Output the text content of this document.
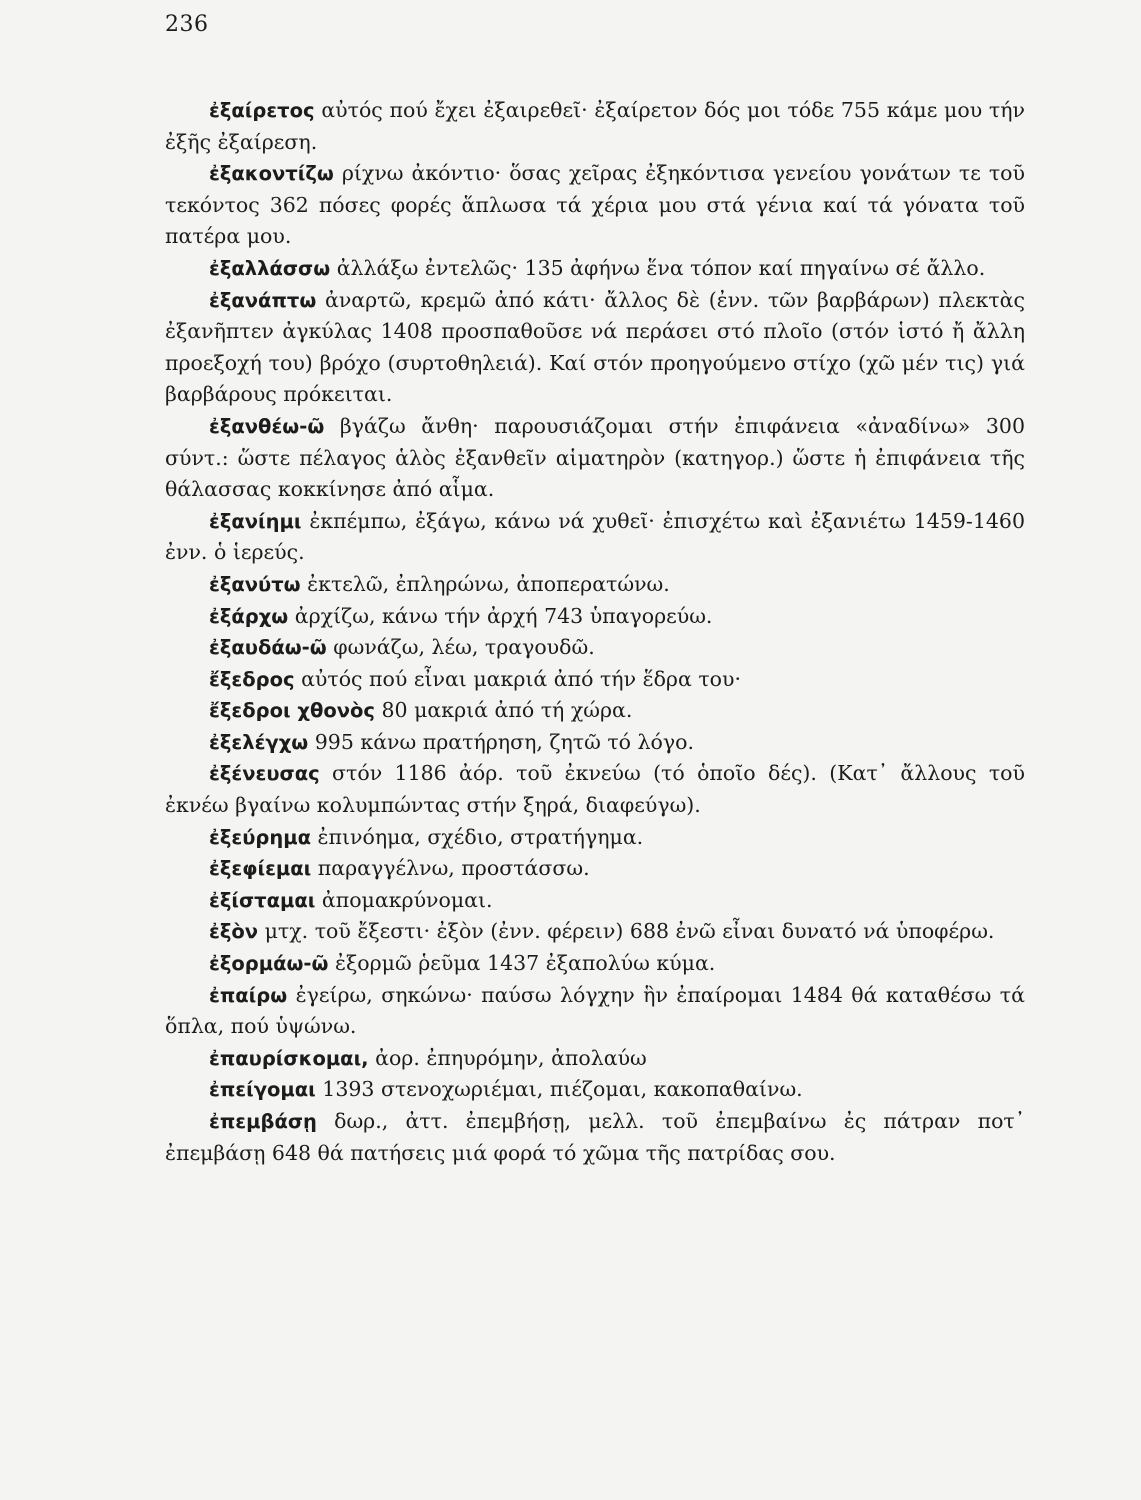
236

ἐξαίρετος αὐτός πού ἔχει ἐξαιρεθεῖ· ἐξαίρετον δός μοι τόδε 755 κάμε μου τήν ἐξῆς ἐξαίρεση.

ἐξακοντίζω ρίχνω ἀκόντιο· ὅσας χεῖρας ἐξηκόντισα γενείου γονάτων τε τοῦ τεκόντος 362 πόσες φορές ἅπλωσα τά χέρια μου στά γένια καί τά γόνατα τοῦ πατέρα μου.

ἐξαλλάσσω ἀλλάξω ἐντελῶς· 135 ἀφήνω ἕνα τόπον καί πηγαίνω σέ ἄλλο.

ἐξανάπτω ἀναρτῶ, κρεμῶ ἀπό κάτι· ἄλλος δὲ (ἐνν. τῶν βαρβάρων) πλεκτὰς ἐξανῆπτεν ἀγκύλας 1408 προσπαθοῦσε νά περάσει στό πλοῖο (στόν ἱστό ἤ ἄλλη προεξοχή του) βρόχο (συρτοθηλειά). Καί στόν προηγούμενο στίχο (χῶ μέν τις) γιά βαρβάρους πρόκειται.

ἐξανθέω-ῶ βγάζω ἄνθη· παρουσιάζομαι στήν ἐπιφάνεια «ἀναδίνω» 300 σύντ.: ὥστε πέλαγος ἁλὸς ἐξανθεῖν αἱματηρὸν (κατηγορ.) ὥστε ἡ ἐπιφάνεια τῆς θάλασσας κοκκίνησε ἀπό αἷμα.

ἐξανίημι ἐκπέμπω, ἐξάγω, κάνω νά χυθεῖ· ἐπισχέτω καὶ ἐξανιέτω 1459-1460 ἐνν. ὁ ἱερεύς.

ἐξανύτω ἐκτελῶ, ἐπληρώνω, ἀποπερατώνω.

ἐξάρχω ἀρχίζω, κάνω τήν ἀρχή 743 ὑπαγορεύω.

ἐξαυδάω-ῶ φωνάζω, λέω, τραγουδῶ.

ἔξεδρος αὐτός πού εἶναι μακριά ἀπό τήν ἕδρα του·

ἔξεδροι χθονὸς 80 μακριά ἀπό τή χώρα.

ἐξελέγχω 995 κάνω πρατήρηση, ζητῶ τό λόγο.

ἐξένευσας στόν 1186 ἀόρ. τοῦ ἐκνεύω (τό ὁποῖο δές). (Κατ᾽ ἄλλους τοῦ ἐκνέω βγαίνω κολυμπώντας στήν ξηρά, διαφεύγω).

ἐξεύρημα ἐπινόημα, σχέδιο, στρατήγημα.

ἐξεφίεμαι παραγγέλνω, προστάσσω.

ἐξίσταμαι ἀπομακρύνομαι.

ἐξὸν μτχ. τοῦ ἔξεστι· ἐξὸν (ἐνν. φέρειν) 688 ἐνῶ εἶναι δυνατό νά ὑποφέρω.

ἐξορμάω-ῶ ἐξορμῶ ῥεῦμα 1437 ἐξαπολύω κύμα.

ἐπαίρω ἐγείρω, σηκώνω· παύσω λόγχην ἣν ἐπαίρομαι 1484 θά καταθέσω τά ὅπλα, πού ὑψώνω.

ἐπαυρίσκομαι, ἀορ. ἐπηυρόμην, ἀπολαύω

ἐπείγομαι 1393 στενοχωριέμαι, πιέζομαι, κακοπαθαίνω.

ἐπεμβάσῃ δωρ., ἀττ. ἐπεμβήσῃ, μελλ. τοῦ ἐπεμβαίνω ἐς πάτραν ποτ᾽ ἐπεμβάσῃ 648 θά πατήσεις μιά φορά τό χῶμα τῆς πατρίδας σου.
